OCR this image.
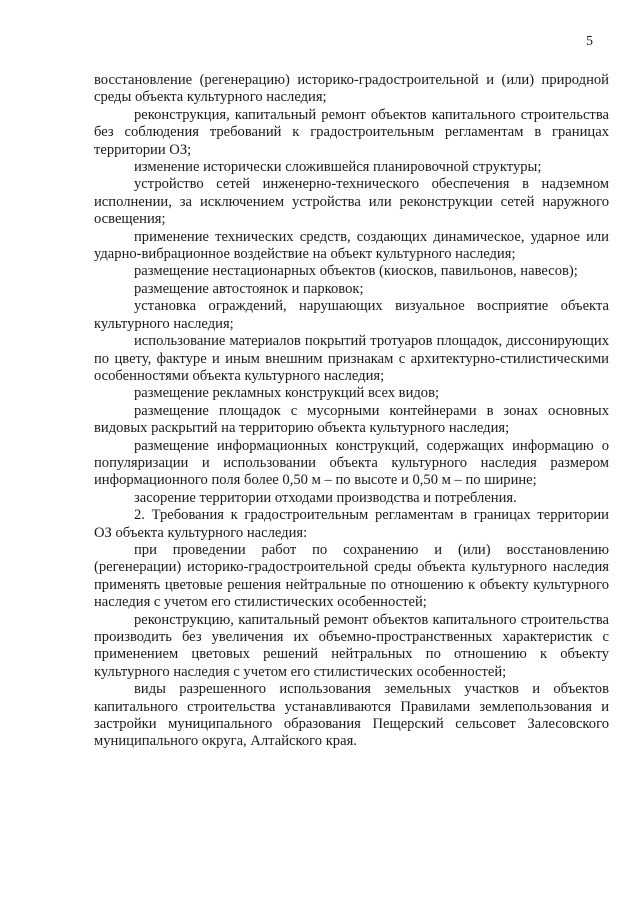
5

восстановление (регенерацию) историко-градостроительной и (или) природной среды объекта культурного наследия;

реконструкция, капитальный ремонт объектов капитального строительства без соблюдения требований к градостроительным регламентам в границах территории ОЗ;

изменение исторически сложившейся планировочной структуры;

устройство сетей инженерно-технического обеспечения в надземном исполнении, за исключением устройства или реконструкции сетей наружного освещения;

применение технических средств, создающих динамическое, ударное или ударно-вибрационное воздействие на объект культурного наследия;

размещение нестационарных объектов (киосков, павильонов, навесов);

размещение автостоянок и парковок;

установка ограждений, нарушающих визуальное восприятие объекта культурного наследия;

использование материалов покрытий тротуаров площадок, диссонирующих по цвету, фактуре и иным внешним признакам с архитектурно-стилистическими особенностями объекта культурного наследия;

размещение рекламных конструкций всех видов;

размещение площадок с мусорными контейнерами в зонах основных видовых раскрытий на территорию объекта культурного наследия;

размещение информационных конструкций, содержащих информацию о популяризации и использовании объекта культурного наследия размером информационного поля более 0,50 м – по высоте и 0,50 м – по ширине;

засорение территории отходами производства и потребления.

2. Требования к градостроительным регламентам в границах территории ОЗ объекта культурного наследия:

при проведении работ по сохранению и (или) восстановлению (регенерации) историко-градостроительной среды объекта культурного наследия применять цветовые решения нейтральные по отношению к объекту культурного наследия с учетом его стилистических особенностей;

реконструкцию, капитальный ремонт объектов капитального строительства производить без увеличения их объемно-пространственных характеристик с применением цветовых решений нейтральных по отношению к объекту культурного наследия с учетом его стилистических особенностей;

виды разрешенного использования земельных участков и объектов капитального строительства устанавливаются Правилами землепользования и застройки муниципального образования Пещерский сельсовет Залесовского муниципального округа, Алтайского края.
